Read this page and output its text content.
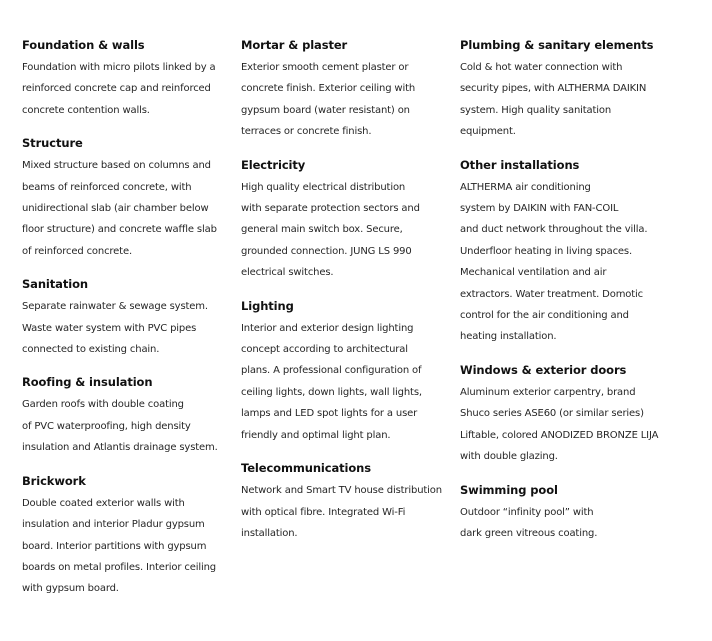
Foundation & walls
Foundation with micro pilots linked by a
reinforced concrete cap and reinforced
concrete contention walls.
Structure
Mixed structure based on columns and
beams of reinforced concrete, with
unidirectional slab (air chamber below
floor structure) and concrete waffle slab
of reinforced concrete.
Sanitation
Separate rainwater & sewage system.
Waste water system with PVC pipes
connected to existing chain.
Roofing & insulation
Garden roofs with double coating
of PVC waterproofing, high density
insulation and Atlantis drainage system.
Brickwork
Double coated exterior walls with
insulation and interior Pladur gypsum
board. Interior partitions with gypsum
boards on metal profiles. Interior ceiling
with gypsum board.
Mortar & plaster
Exterior smooth cement plaster or
concrete finish. Exterior ceiling with
gypsum board (water resistant) on
terraces or concrete finish.
Electricity
High quality electrical distribution
with separate protection sectors and
general main switch box. Secure,
grounded connection. JUNG LS 990
electrical switches.
Lighting
Interior and exterior design lighting
concept according to architectural
plans. A professional configuration of
ceiling lights, down lights, wall lights,
lamps and LED spot lights for a user
friendly and optimal light plan.
Telecommunications
Network and Smart TV house distribution
with optical fibre. Integrated Wi-Fi
installation.
Plumbing & sanitary elements
Cold & hot water connection with
security pipes, with ALTHERMA DAIKIN
system. High quality sanitation
equipment.
Other installations
ALTHERMA air conditioning
system by DAIKIN with FAN-COIL
and duct network throughout the villa.
Underfloor heating in living spaces.
Mechanical ventilation and air
extractors. Water treatment. Domotic
control for the air conditioning and
heating installation.
Windows & exterior doors
Aluminum exterior carpentry, brand
Shuco series ASE60 (or similar series)
Liftable, colored ANODIZED BRONZE LIJA
with double glazing.
Swimming pool
Outdoor “infinity pool” with
dark green vitreous coating.
